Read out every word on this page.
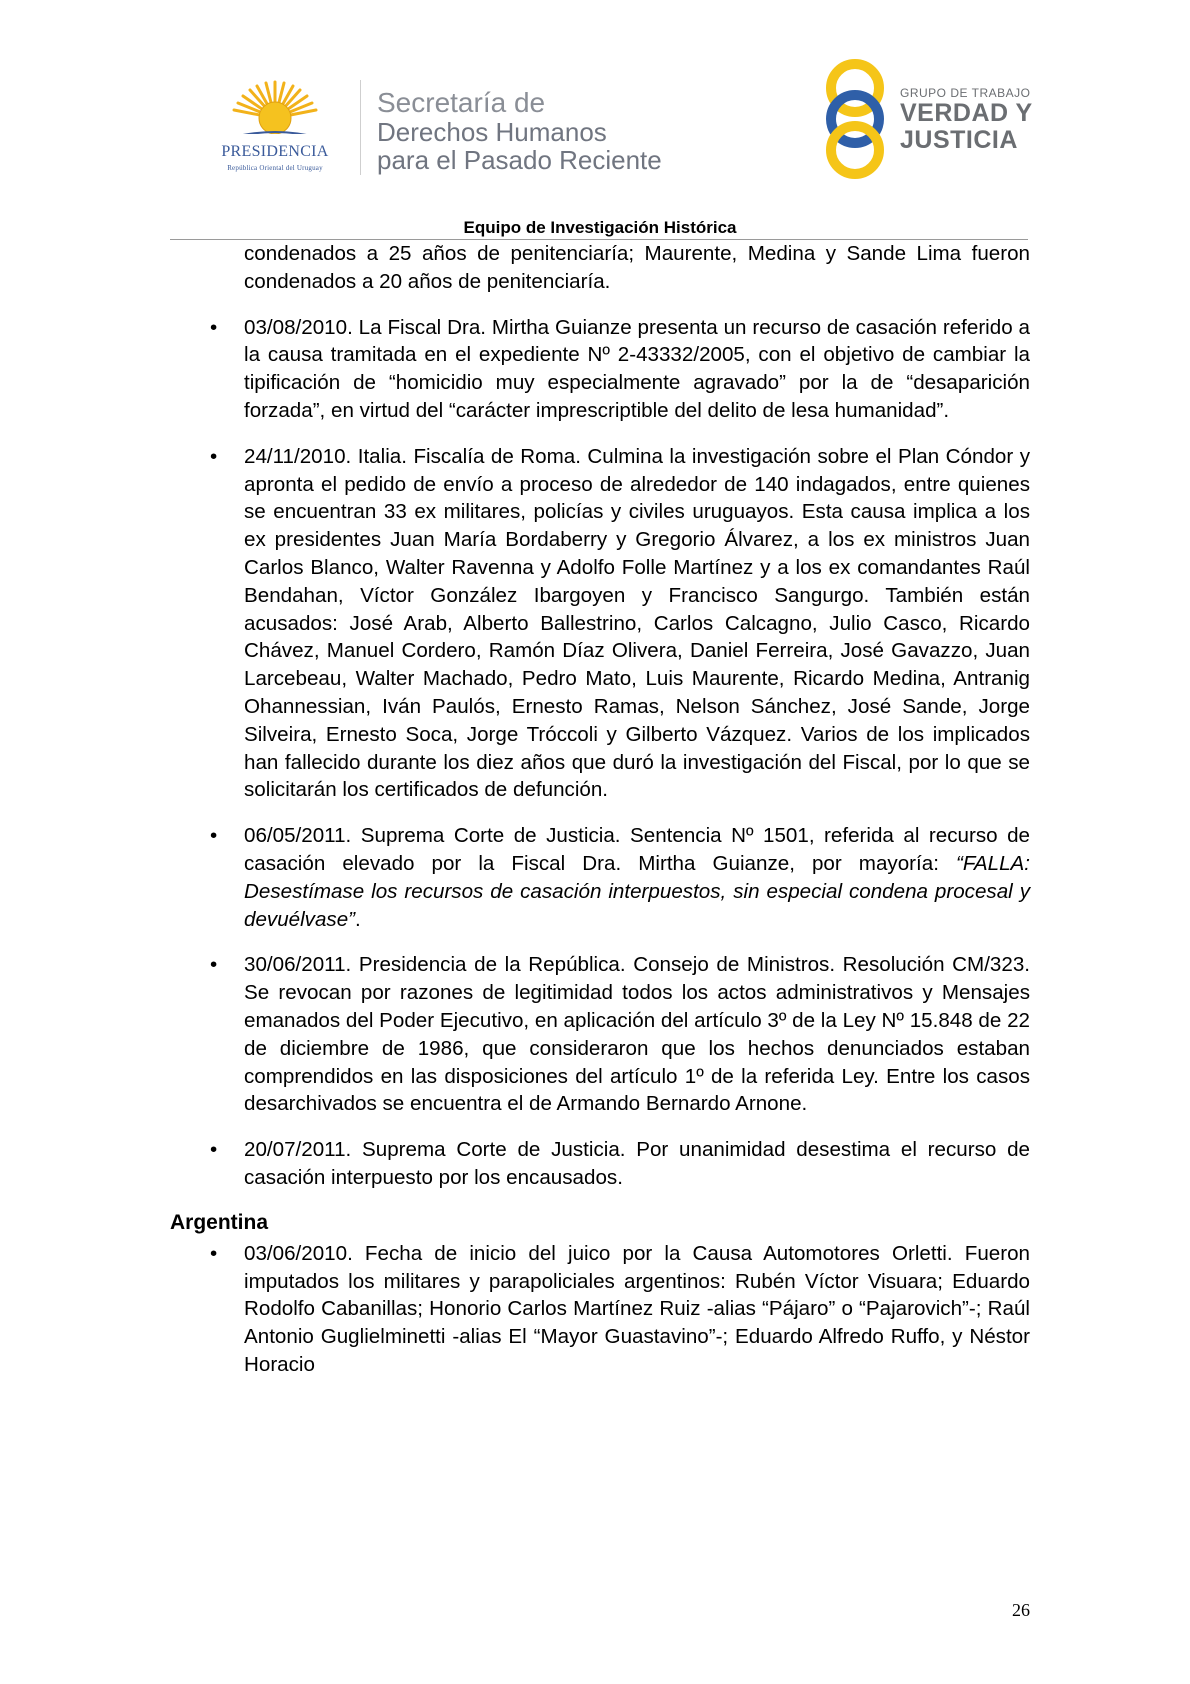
PRESIDENCIA
República Oriental del Uruguay
Secretaría de
Derechos Humanos
para el Pasado Reciente
GRUPO DE TRABAJO
VERDAD Y
JUSTICIA
Equipo de Investigación Histórica

condenados a 25 años de penitenciaría; Maurente, Medina y Sande Lima fueron condenados a 20 años de penitenciaría.

• 03/08/2010. La Fiscal Dra. Mirtha Guianze presenta un recurso de casación referido a la causa tramitada en el expediente Nº 2-43332/2005, con el objetivo de cambiar la tipificación de “homicidio muy especialmente agravado” por la de “desaparición forzada”, en virtud del “carácter imprescriptible del delito de lesa humanidad”.

• 24/11/2010. Italia. Fiscalía de Roma. Culmina la investigación sobre el Plan Cóndor y apronta el pedido de envío a proceso de alrededor de 140 indagados, entre quienes se encuentran 33 ex militares, policías y civiles uruguayos. Esta causa implica a los ex presidentes Juan María Bordaberry y Gregorio Álvarez, a los ex ministros Juan Carlos Blanco, Walter Ravenna y Adolfo Folle Martínez y a los ex comandantes Raúl Bendahan, Víctor González Ibargoyen y Francisco Sangurgo. También están acusados: José Arab, Alberto Ballestrino, Carlos Calcagno, Julio Casco, Ricardo Chávez, Manuel Cordero, Ramón Díaz Olivera, Daniel Ferreira, José Gavazzo, Juan Larcebeau, Walter Machado, Pedro Mato, Luis Maurente, Ricardo Medina, Antranig Ohannessian, Iván Paulós, Ernesto Ramas, Nelson Sánchez, José Sande, Jorge Silveira, Ernesto Soca, Jorge Tróccoli y Gilberto Vázquez. Varios de los implicados han fallecido durante los diez años que duró la investigación del Fiscal, por lo que se solicitarán los certificados de defunción.

• 06/05/2011. Suprema Corte de Justicia. Sentencia Nº 1501, referida al recurso de casación elevado por la Fiscal Dra. Mirtha Guianze, por mayoría: “FALLA: Desestímase los recursos de casación interpuestos, sin especial condena procesal y devuélvase”.

• 30/06/2011. Presidencia de la República. Consejo de Ministros. Resolución CM/323. Se revocan por razones de legitimidad todos los actos administrativos y Mensajes emanados del Poder Ejecutivo, en aplicación del artículo 3º de la Ley Nº 15.848 de 22 de diciembre de 1986, que consideraron que los hechos denunciados estaban comprendidos en las disposiciones del artículo 1º de la referida Ley. Entre los casos desarchivados se encuentra el de Armando Bernardo Arnone.

• 20/07/2011. Suprema Corte de Justicia. Por unanimidad desestima el recurso de casación interpuesto por los encausados.

Argentina

• 03/06/2010. Fecha de inicio del juico por la Causa Automotores Orletti. Fueron imputados los militares y parapoliciales argentinos: Rubén Víctor Visuara; Eduardo Rodolfo Cabanillas; Honorio Carlos Martínez Ruiz -alias “Pájaro” o “Pajarovich”-; Raúl Antonio Guglielminetti -alias El “Mayor Guastavino”-; Eduardo Alfredo Ruffo, y Néstor Horacio

26
